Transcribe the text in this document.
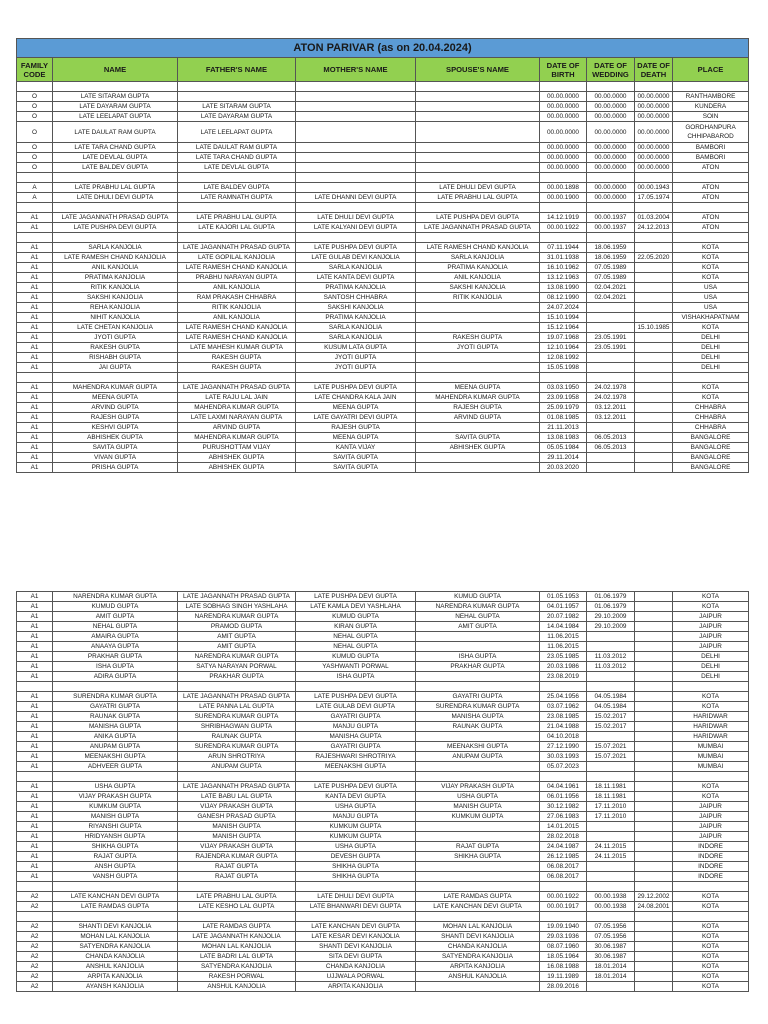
ATON PARIVAR (as on 20.04.2024)								
FAMILY CODE	NAME	FATHER'S NAME	MOTHER'S NAME	SPOUSE'S NAME	DATE OF BIRTH	DATE OF WEDDING	DATE OF DEATH	PLACE

O	LATE SITARAM GUPTA				00.00.0000	00.00.0000	00.00.0000	RANTHAMBORE
O	LATE DAYARAM GUPTA	LATE SITARAM GUPTA			00.00.0000	00.00.0000	00.00.0000	KUNDERA
O	LATE LEELAPAT GUPTA	LATE DAYARAM GUPTA			00.00.0000	00.00.0000	00.00.0000	SOIN
O	LATE DAULAT RAM GUPTA	LATE LEELAPAT GUPTA			00.00.0000	00.00.0000	00.00.0000	GORDHANPURA CHHIPABAROD
O	LATE TARA CHAND GUPTA	LATE DAULAT RAM GUPTA			00.00.0000	00.00.0000	00.00.0000	BAMBORI
O	LATE DEVLAL GUPTA	LATE TARA CHAND GUPTA			00.00.0000	00.00.0000	00.00.0000	BAMBORI
O	LATE BALDEV GUPTA	LATE DEVLAL GUPTA			00.00.0000	00.00.0000	00.00.0000	ATON

A	LATE PRABHU LAL GUPTA	LATE BALDEV GUPTA		LATE DHULI DEVI GUPTA	00.00.1898	00.00.0000	00.00.1943	ATON
A	LATE DHULI DEVI GUPTA	LATE RAMNATH GUPTA	LATE DHANNI DEVI GUPTA	LATE PRABHU LAL GUPTA	00.00.1900	00.00.0000	17.05.1974	ATON

A1	LATE JAGANNATH PRASAD GUPTA	LATE PRABHU LAL GUPTA	LATE DHULI DEVI GUPTA	LATE PUSHPA DEVI GUPTA	14.12.1919	00.00.1937	01.03.2004	ATON
A1	LATE PUSHPA DEVI GUPTA	LATE KAJORI LAL GUPTA	LATE KALYANI DEVI GUPTA	LATE JAGANNATH PRASAD GUPTA	00.00.1922	00.00.1937	24.12.2013	ATON

A1	SARLA KANJOLIA	LATE JAGANNATH PRASAD GUPTA	LATE PUSHPA DEVI GUPTA	LATE RAMESH CHAND KANJOLIA	07.11.1944	18.06.1959		KOTA
A1	LATE RAMESH CHAND KANJOLIA	LATE GOPILAL KANJOLIA	LATE GULAB DEVI KANJOLIA	SARLA KANJOLIA	31.01.1938	18.06.1959	22.05.2020	KOTA
A1	ANIL KANJOLIA	LATE RAMESH CHAND KANJOLIA	SARLA KANJOLIA	PRATIMA KANJOLIA	16.10.1962	07.05.1989		KOTA
A1	PRATIMA KANJOLIA	PRABHU NARAYAN GUPTA	LATE KANTA DEVI GUPTA	ANIL KANJOLIA	13.12.1963	07.05.1989		KOTA
A1	RITIK KANJOLIA	ANIL KANJOLIA	PRATIMA KANJOLIA	SAKSHI KANJOLIA	13.08.1990	02.04.2021		USA
A1	SAKSHI KANJOLIA	RAM PRAKASH CHHABRA	SANTOSH CHHABRA	RITIK KANJOLIA	08.12.1990	02.04.2021		USA
A1	REHA KANJOLIA	RITIK KANJOLIA	SAKSHI KANJOLIA		24.07.2024			USA
A1	NIHIT KANJOLIA	ANIL KANJOLIA	PRATIMA KANJOLIA		15.10.1994			VISHAKHAPATNAM
A1	LATE CHETAN KANJOLIA	LATE RAMESH CHAND KANJOLIA	SARLA KANJOLIA		15.12.1964		15.10.1985	KOTA
A1	JYOTI GUPTA	LATE RAMESH CHAND KANJOLIA	SARLA KANJOLIA	RAKESH GUPTA	19.07.1968	23.05.1991		DELHI
A1	RAKESH GUPTA	LATE MAHESH KUMAR GUPTA	KUSUM LATA GUPTA	JYOTI GUPTA	12.10.1964	23.05.1991		DELHI
A1	RISHABH GUPTA	RAKESH GUPTA	JYOTI GUPTA		12.08.1992			DELHI
A1	JAI GUPTA	RAKESH GUPTA	JYOTI GUPTA		15.05.1998			DELHI

A1	MAHENDRA KUMAR GUPTA	LATE JAGANNATH PRASAD GUPTA	LATE PUSHPA DEVI GUPTA	MEENA GUPTA	03.03.1950	24.02.1978		KOTA
A1	MEENA GUPTA	LATE RAJU LAL JAIN	LATE CHANDRA KALA JAIN	MAHENDRA KUMAR GUPTA	23.09.1958	24.02.1978		KOTA
A1	ARVIND GUPTA	MAHENDRA KUMAR GUPTA	MEENA GUPTA	RAJESH GUPTA	25.09.1979	03.12.2011		CHHABRA
A1	RAJESH GUPTA	LATE LAXMI NARAYAN GUPTA	LATE GAYATRI DEVI GUPTA	ARVIND GUPTA	01.08.1985	03.12.2011		CHHABRA
A1	KESHVI GUPTA	ARVIND GUPTA	RAJESH GUPTA		21.11.2013			CHHABRA
A1	ABHISHEK GUPTA	MAHENDRA KUMAR GUPTA	MEENA GUPTA	SAVITA GUPTA	13.08.1983	06.05.2013		BANGALORE
A1	SAVITA GUPTA	PURUSHOTTAM VIJAY	KANTA VIJAY	ABHISHEK GUPTA	05.05.1984	06.05.2013		BANGALORE
A1	VIVAN GUPTA	ABHISHEK GUPTA	SAVITA GUPTA		29.11.2014			BANGALORE
A1	PRISHA GUPTA	ABHISHEK GUPTA	SAVITA GUPTA		20.03.2020			BANGALORE
A1	NARENDRA KUMAR GUPTA	LATE JAGANNATH PRASAD GUPTA	LATE PUSHPA DEVI GUPTA	KUMUD GUPTA	01.05.1953	01.06.1979		KOTA
A1	KUMUD GUPTA	LATE SOBHAG SINGH YASHLAHA	LATE KAMLA DEVI YASHLAHA	NARENDRA KUMAR GUPTA	04.01.1957	01.06.1979		KOTA
A1	AMIT GUPTA	NARENDRA KUMAR GUPTA	KUMUD GUPTA	NEHAL GUPTA	20.07.1982	29.10.2009		JAIPUR
A1	NEHAL GUPTA	PRAMOD GUPTA	KIRAN GUPTA	AMIT GUPTA	14.04.1984	29.10.2009		JAIPUR
A1	AMAIRA GUPTA	AMIT GUPTA	NEHAL GUPTA		11.06.2015			JAIPUR
A1	ANAAYA GUPTA	AMIT GUPTA	NEHAL GUPTA		11.06.2015			JAIPUR
A1	PRAKHAR GUPTA	NARENDRA KUMAR GUPTA	KUMUD GUPTA	ISHA GUPTA	23.05.1985	11.03.2012		DELHI
A1	ISHA GUPTA	SATYA NARAYAN PORWAL	YASHWANTI PORWAL	PRAKHAR GUPTA	20.03.1986	11.03.2012		DELHI
A1	ADIRA GUPTA	PRAKHAR GUPTA	ISHA GUPTA		23.08.2019			DELHI

A1	SURENDRA KUMAR GUPTA	LATE JAGANNATH PRASAD GUPTA	LATE PUSHPA DEVI GUPTA	GAYATRI GUPTA	25.04.1956	04.05.1984		KOTA
A1	GAYATRI GUPTA	LATE PANNA LAL GUPTA	LATE GULAB DEVI GUPTA	SURENDRA KUMAR GUPTA	03.07.1962	04.05.1984		KOTA
A1	RAUNAK GUPTA	SURENDRA KUMAR GUPTA	GAYATRI GUPTA	MANISHA GUPTA	23.08.1985	15.02.2017		HARIDWAR
A1	MANISHA GUPTA	SHRIBHAGWAN GUPTA	MANJU GUPTA	RAUNAK GUPTA	21.04.1988	15.02.2017		HARIDWAR
A1	ANIKA GUPTA	RAUNAK GUPTA	MANISHA GUPTA		04.10.2018			HARIDWAR
A1	ANUPAM GUPTA	SURENDRA KUMAR GUPTA	GAYATRI GUPTA	MEENAKSHI GUPTA	27.12.1990	15.07.2021		MUMBAI
A1	MEENAKSHI GUPTA	ARUN SHROTRIYA	RAJESHWARI SHROTRIYA	ANUPAM GUPTA	30.03.1993	15.07.2021		MUMBAI
A1	ADHVEER GUPTA	ANUPAM GUPTA	MEENAKSHI GUPTA		05.07.2023			MUMBAI

A1	USHA GUPTA	LATE JAGANNATH PRASAD GUPTA	LATE PUSHPA DEVI GUPTA	VIJAY PRAKASH GUPTA	04.04.1961	18.11.1981		KOTA
A1	VIJAY PRAKASH GUPTA	LATE BABU LAL GUPTA	KANTA DEVI GUPTA	USHA GUPTA	06.01.1956	18.11.1981		KOTA
A1	KUMKUM GUPTA	VIJAY PRAKASH GUPTA	USHA GUPTA	MANISH GUPTA	30.12.1982	17.11.2010		JAIPUR
A1	MANISH GUPTA	GANESH PRASAD GUPTA	MANJU GUPTA	KUMKUM GUPTA	27.06.1983	17.11.2010		JAIPUR
A1	RIYANSHI GUPTA	MANISH GUPTA	KUMKUM GUPTA		14.01.2015			JAIPUR
A1	HRIDYANSH GUPTA	MANISH GUPTA	KUMKUM GUPTA		28.02.2018			JAIPUR
A1	SHIKHA GUPTA	VIJAY PRAKASH GUPTA	USHA GUPTA	RAJAT GUPTA	24.04.1987	24.11.2015		INDORE
A1	RAJAT GUPTA	RAJENDRA KUMAR GUPTA	DEVESH GUPTA	SHIKHA GUPTA	26.12.1985	24.11.2015		INDORE
A1	ANSH GUPTA	RAJAT GUPTA	SHIKHA GUPTA		06.08.2017			INDORE
A1	VANSH GUPTA	RAJAT GUPTA	SHIKHA GUPTA		06.08.2017			INDORE

A2	LATE KANCHAN DEVI GUPTA	LATE PRABHU LAL GUPTA	LATE DHULI DEVI GUPTA	LATE RAMDAS GUPTA	00.00.1922	00.00.1938	29.12.2002	KOTA
A2	LATE RAMDAS GUPTA	LATE KESHO LAL GUPTA	LATE BHANWARI DEVI GUPTA	LATE KANCHAN DEVI GUPTA	00.00.1917	00.00.1938	24.08.2001	KOTA

A2	SHANTI DEVI KANJOLIA	LATE RAMDAS GUPTA	LATE KANCHAN DEVI GUPTA	MOHAN LAL KANJOLIA	19.09.1940	07.05.1956		KOTA
A2	MOHAN LAL KANJOLIA	LATE JAGANNATH KANJOLIA	LATE KESAR DEVI KANJOLIA	SHANTI DEVI KANJOLIA	29.03.1936	07.05.1956		KOTA
A2	SATYENDRA KANJOLIA	MOHAN LAL KANJOLIA	SHANTI DEVI KANJOLIA	CHANDA KANJOLIA	08.07.1960	30.06.1987		KOTA
A2	CHANDA KANJOLIA	LATE BADRI LAL GUPTA	SITA DEVI GUPTA	SATYENDRA KANJOLIA	18.05.1964	30.06.1987		KOTA
A2	ANSHUL KANJOLIA	SATYENDRA KANJOLIA	CHANDA KANJOLIA	ARPITA KANJOLIA	16.08.1988	18.01.2014		KOTA
A2	ARPITA KANJOLIA	RAKESH PORWAL	UJJWALA PORWAL	ANSHUL KANJOLIA	19.11.1989	18.01.2014		KOTA
A2	AYANSH KANJOLIA	ANSHUL KANJOLIA	ARPITA KANJOLIA		28.09.2016			KOTA
